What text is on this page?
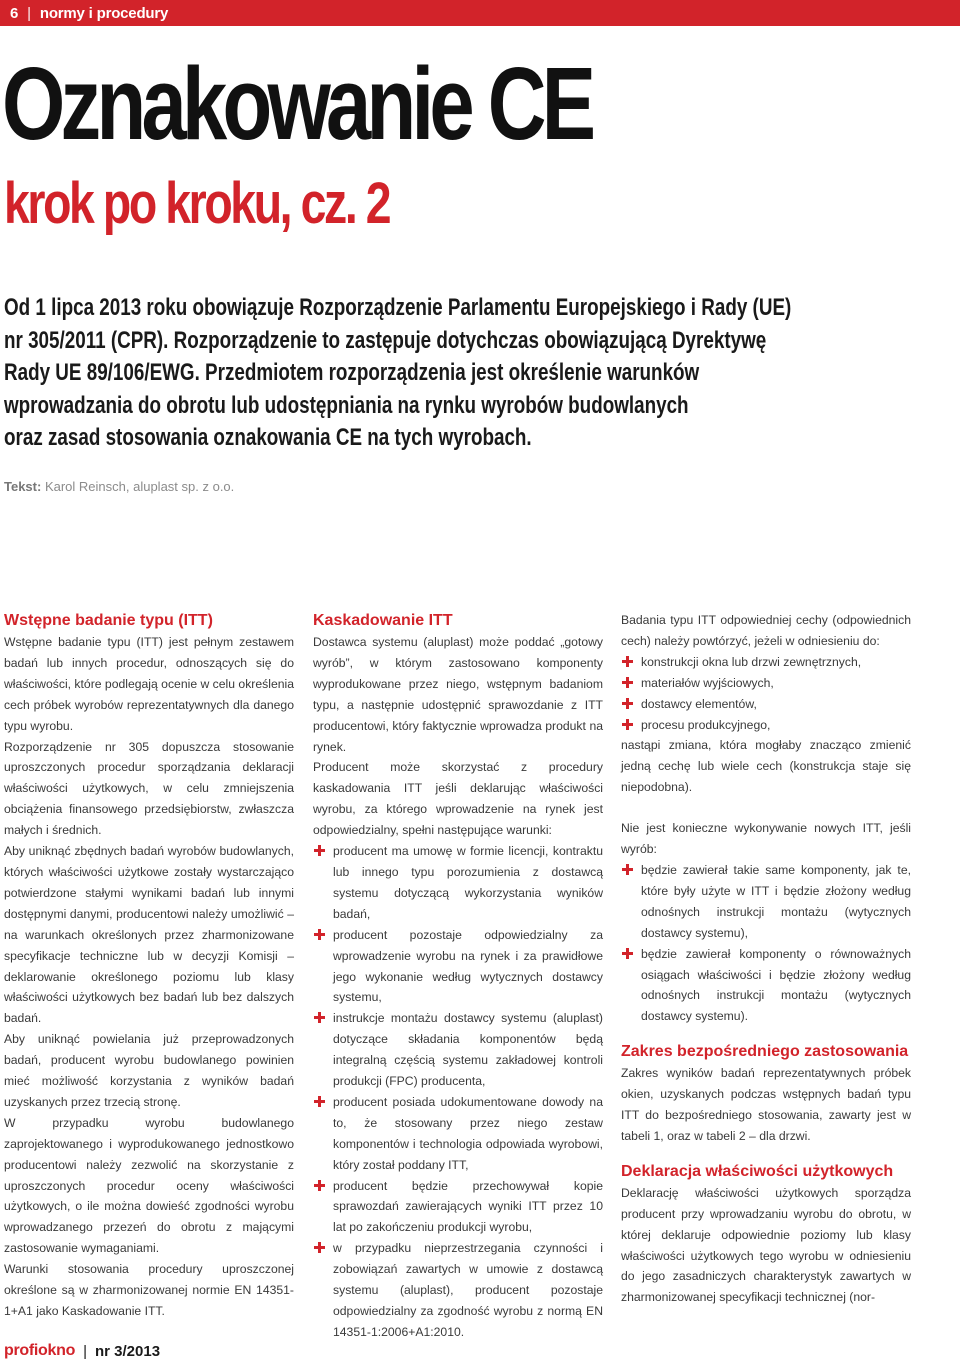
6 | normy i procedury
Oznakowanie CE
krok po kroku, cz. 2

Od 1 lipca 2013 roku obowiązuje Rozporządzenie Parlamentu Europejskiego i Rady (UE)

nr 305/2011 (CPR). Rozporządzenie to zastępuje dotychczas obowiązującą Dyrektywę

Rady UE 89/106/EWG. Przedmiotem rozporządzenia jest określenie warunków

wprowadzania do obrotu lub udostępniania na rynku wyrobów budowlanych

oraz zasad stosowania oznakowania CE na tych wyrobach.

Tekst: Karol Reinsch, aluplast sp. z o.o.
Wstępne badanie typu (ITT)

Wstępne badanie typu (ITT) jest pełnym zestawem badań lub innych procedur, odnoszących się do właściwości, które podlegają ocenie w celu określenia cech próbek wyrobów reprezentatywnych dla danego typu wyrobu.

Rozporządzenie nr 305 dopuszcza stosowanie uproszczonych procedur sporządzania deklaracji właściwości użytkowych, w celu zmniejszenia obciążenia finansowego przedsiębiorstw, zwłaszcza małych i średnich.

Aby uniknąć zbędnych badań wyrobów budowlanych, których właściwości użytkowe zostały wystarczająco potwierdzone stałymi wynikami badań lub innymi dostępnymi danymi, producentowi należy umożliwić – na warunkach określonych przez zharmonizowane specyfikacje techniczne lub w decyzji Komisji – deklarowanie określonego poziomu lub klasy właściwości użytkowych bez badań lub bez dalszych badań.

Aby uniknąć powielania już przeprowadzonych badań, producent wyrobu budowlanego powinien mieć możliwość korzystania z wyników badań uzyskanych przez trzecią stronę.

W przypadku wyrobu budowlanego zaprojektowanego i wyprodukowanego jednostkowo producentowi należy zezwolić na skorzystanie z uproszczonych procedur oceny właściwości użytkowych, o ile można dowieść zgodności wyrobu wprowadzanego przezeń do obrotu z mającymi zastosowanie wymaganiami.

Warunki stosowania procedury uproszczonej określone są w zharmonizowanej normie EN 14351-1+A1 jako Kaskadowanie ITT.

Kaskadowanie ITT

Dostawca systemu (aluplast) może poddać „gotowy wyrób”, w którym zastosowano komponenty wyprodukowane przez niego, wstępnym badaniom typu, a następnie udostępnić sprawozdanie z ITT producentowi, który faktycznie wprowadza produkt na rynek.

Producent może skorzystać z procedury kaskadowania ITT jeśli deklarując właściwości wyrobu, za którego wprowadzenie na rynek jest odpowiedzialny, spełni następujące warunki:

producent ma umowę w formie licencji, kontraktu lub innego typu porozumienia z dostawcą systemu dotyczącą wykorzystania wyników badań,
producent pozostaje odpowiedzialny za wprowadzenie wyrobu na rynek i za prawidłowe jego wykonanie według wytycznych dostawcy systemu,
instrukcje montażu dostawcy systemu (aluplast) dotyczące składania komponentów będą integralną częścią systemu zakładowej kontroli produkcji (FPC) producenta,
producent posiada udokumentowane dowody na to, że stosowany przez niego zestaw komponentów i technologia odpowiada wyrobowi, który został poddany ITT,
producent będzie przechowywał kopie sprawozdań zawierających wyniki ITT przez 10 lat po zakończeniu produkcji wyrobu,
w przypadku nieprzestrzegania czynności i zobowiązań zawartych w umowie z dostawcą systemu (aluplast), producent pozostaje odpowiedzialny za zgodność wyrobu z normą EN 14351-1:2006+A1:2010.

Badania typu ITT odpowiedniej cechy (odpowiednich cech) należy powtórzyć, jeżeli w odniesieniu do:

konstrukcji okna lub drzwi zewnętrznych,
materiałów wyjściowych,
dostawcy elementów,
procesu produkcyjnego,

nastąpi zmiana, która mogłaby znacząco zmienić jedną cechę lub wiele cech (konstrukcja staje się niepodobna).

Nie jest konieczne wykonywanie nowych ITT, jeśli wyrób:

będzie zawierał takie same komponenty, jak te, które były użyte w ITT i będzie złożony według odnośnych instrukcji montażu (wytycznych dostawcy systemu),
będzie zawierał komponenty o równoważnych osiągach właściwości i będzie złożony według odnośnych instrukcji montażu (wytycznych dostawcy systemu).
Zakres bezpośredniego zastosowania

Zakres wyników badań reprezentatywnych próbek okien, uzyskanych podczas wstępnych badań typu ITT do bezpośredniego stosowania, zawarty jest w tabeli 1, oraz w tabeli 2 – dla drzwi.

Deklaracja właściwości użytkowych

Deklarację właściwości użytkowych sporządza producent przy wprowadzaniu wyrobu do obrotu, w której deklaruje odpowiednie poziomy lub klasy właściwości użytkowych tego wyrobu w odniesieniu do jego zasadniczych charakterystyk zawartych w zharmonizowanej specyfikacji technicznej (nor-

profiokno | nr 3/2013
